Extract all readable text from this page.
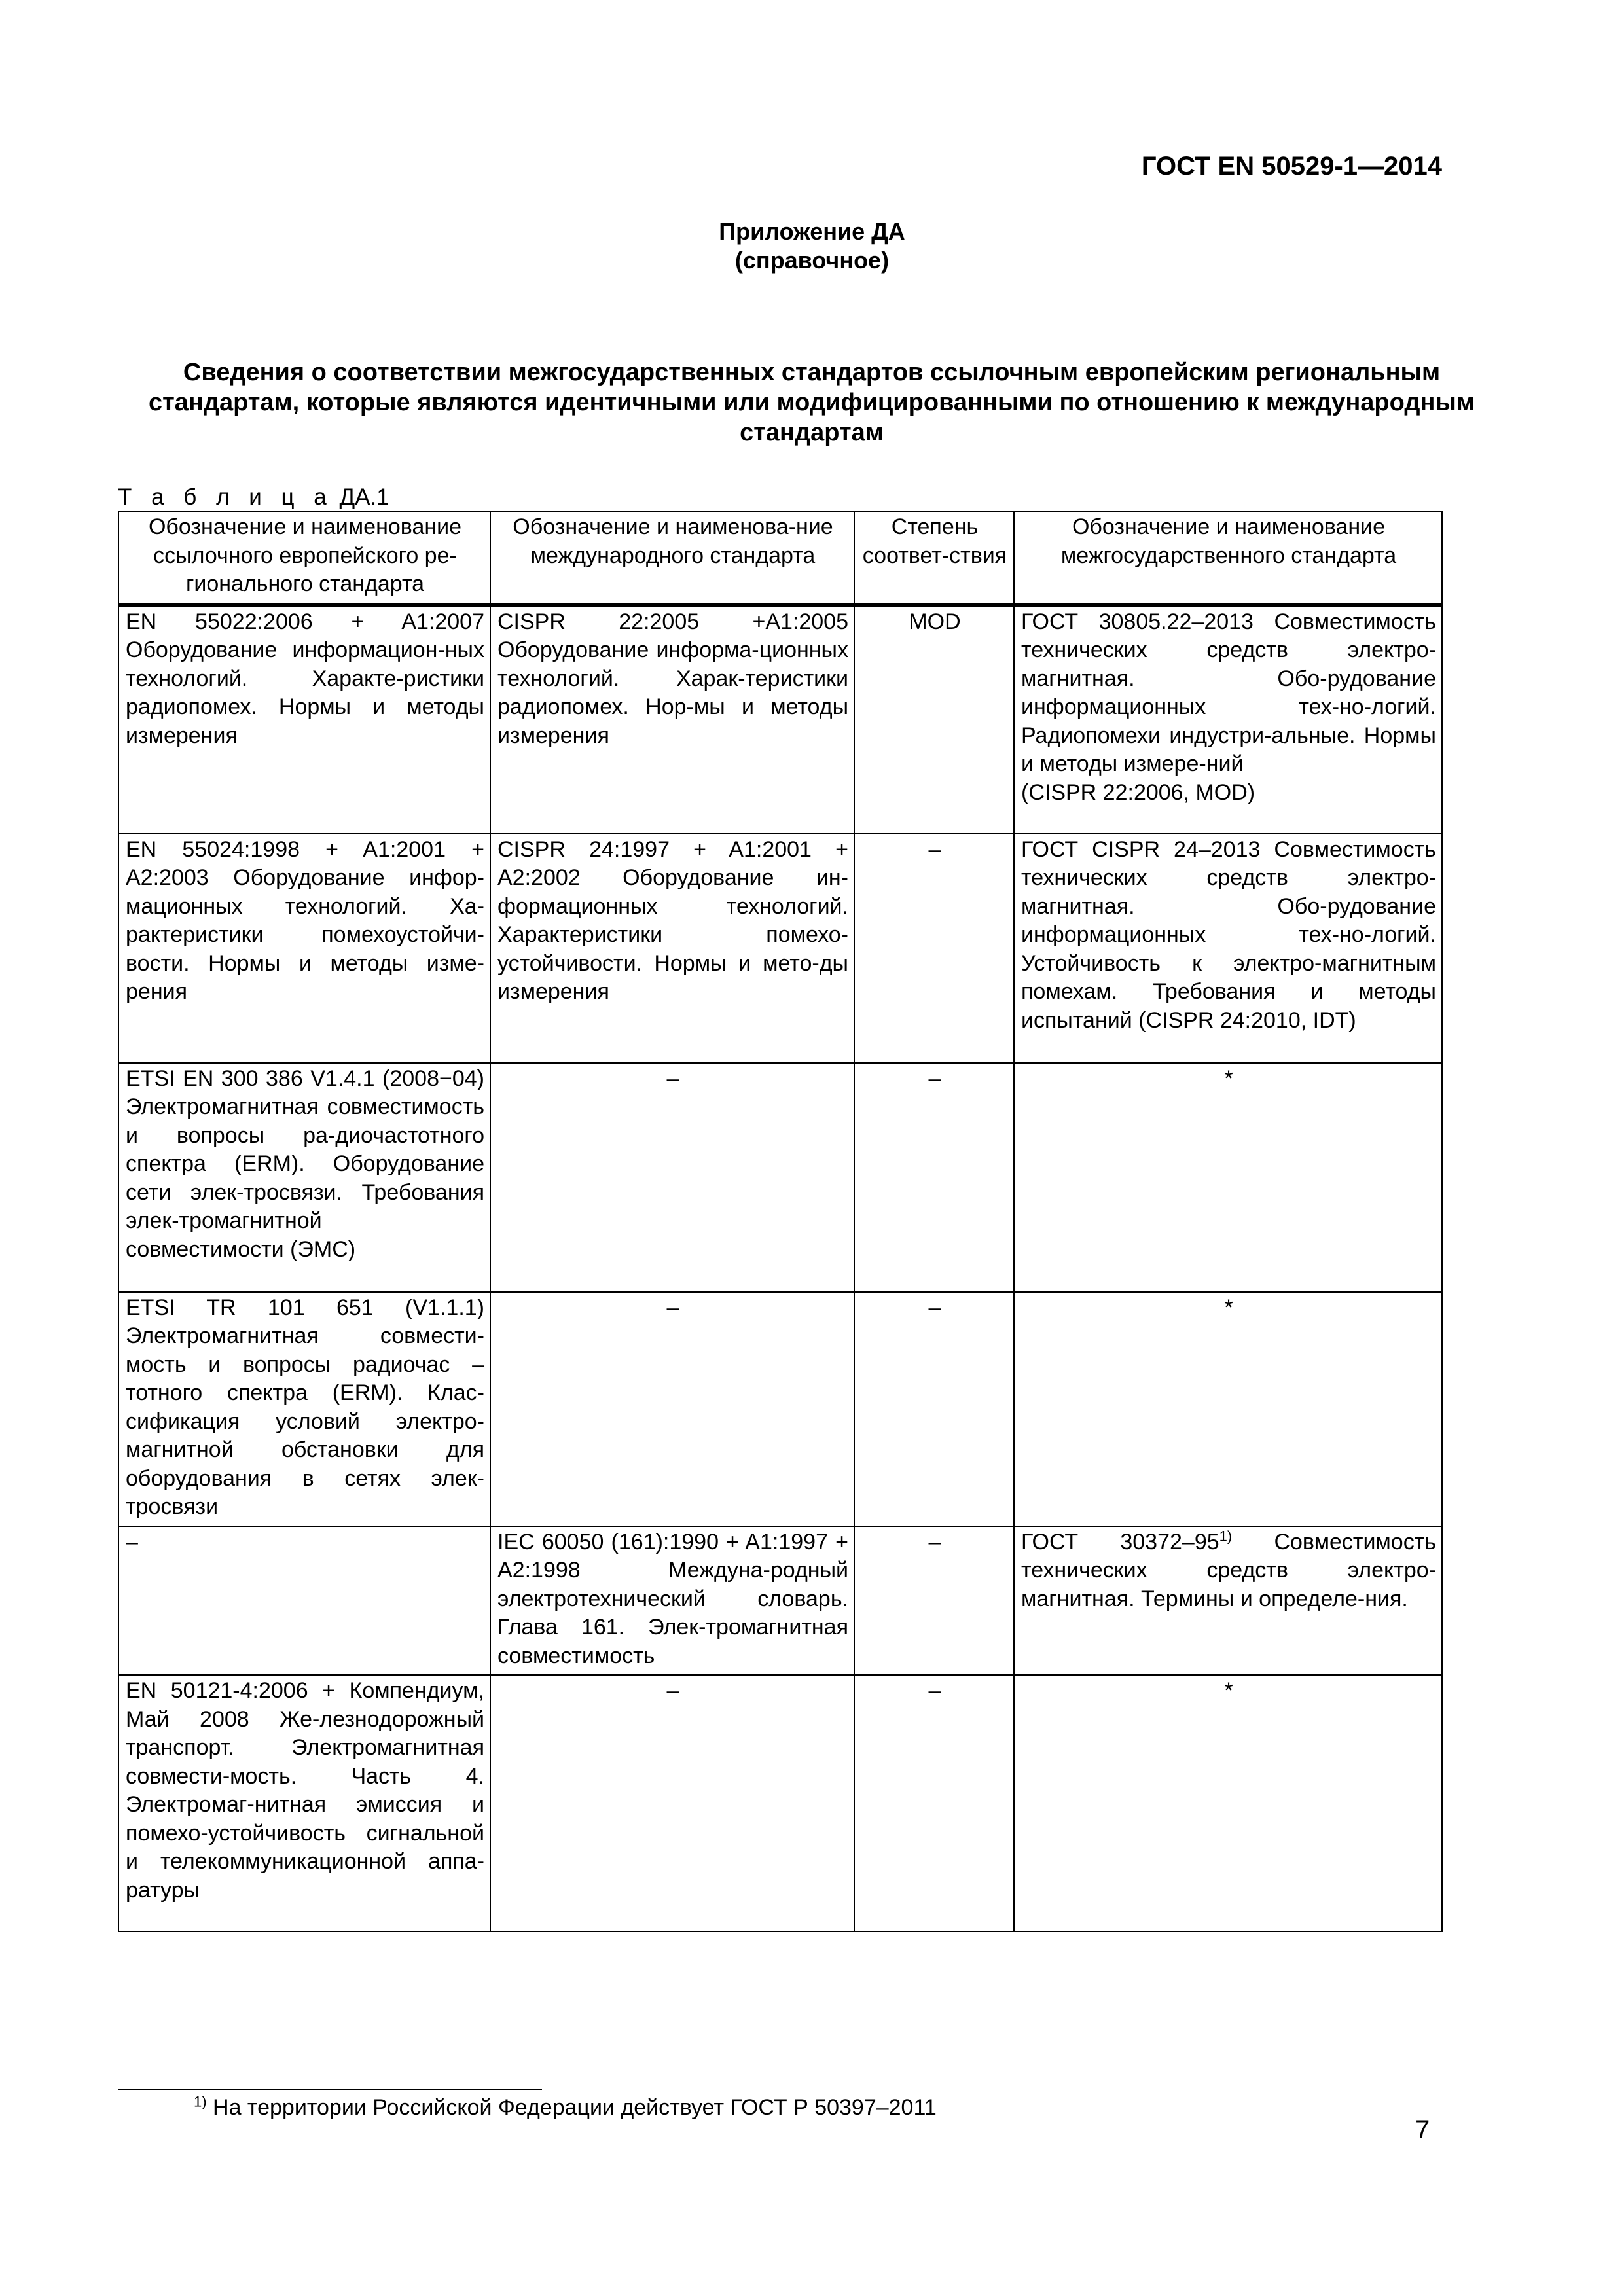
ГОСТ EN 50529-1—2014
Приложение ДА
(справочное)
Сведения о соответствии межгосударственных стандартов ссылочным европейским региональным стандартам, которые являются идентичными или модифицированными по отношению к международным стандартам
Т а б л и ц а ДА.1
Обозначение и наименование ссылочного европейского ре-гионального стандарта	Обозначение и наименова-ние международного стандарта	Степень соответ-ствия	Обозначение и наименование межгосударственного стандарта
EN 55022:2006 + A1:2007 Оборудование информацион-ных технологий. Характе-ристики радиопомех. Нормы и методы измерения	CISPR 22:2005 +A1:2005 Оборудование информа-ционных технологий. Харак-теристики радиопомех. Нор-мы и методы измерения	MOD	ГОСТ 30805.22–2013 Совместимость технических средств электро-магнитная. Обо-рудование информационных тех-но-логий. Радиопомехи индустри-альные. Нормы и методы измере-ний
(CISPR 22:2006, MOD)
EN 55024:1998 + A1:2001 + A2:2003 Оборудование инфор-мационных технологий. Ха-рактеристики помехоустойчи-вости. Нормы и методы изме-рения	CISPR 24:1997 + A1:2001 + A2:2002 Оборудование ин-формационных технологий. Характеристики помехо-устойчивости. Нормы и мето-ды измерения	–	ГОСТ CISPR 24–2013 Совместимость технических средств электро-магнитная. Обо-рудование информационных тех-но-логий. Устойчивость к электро-магнитным помехам. Требования и методы испытаний (CISPR 24:2010, IDT)
ETSI EN 300 386 V1.4.1 (2008−04) Электромагнитная совместимость и вопросы ра-диочастотного спектра (ERM). Оборудование сети элек-тросвязи. Требования элек-тромагнитной совместимости (ЭМС)	–	–	*
ETSI TR 101 651 (V1.1.1) Электромагнитная совмести-мость и вопросы радиочас – тотного спектра (ERM). Клас-сификация условий электро-магнитной обстановки для оборудования в сетях элек-тросвязи	–	–	*
–	IEC 60050 (161):1990 + A1:1997 + A2:1998 Междуна-родный электротехнический словарь. Глава 161. Элек-тромагнитная совместимость	–	ГОСТ 30372–95$^{1)}$ Совместимость технических средств электро-магнитная. Термины и определе-ния.
EN 50121-4:2006 + Компендиум, Май 2008 Же-лезнодорожный транспорт. Электромагнитная совмести-мость. Часть 4. Электромаг-нитная эмиссия и помехо-устойчивость сигнальной и телекоммуникационной аппа-ратуры	–	–	*
$^{1)}$ На территории Российской Федерации действует ГОСТ Р 50397–2011
7
